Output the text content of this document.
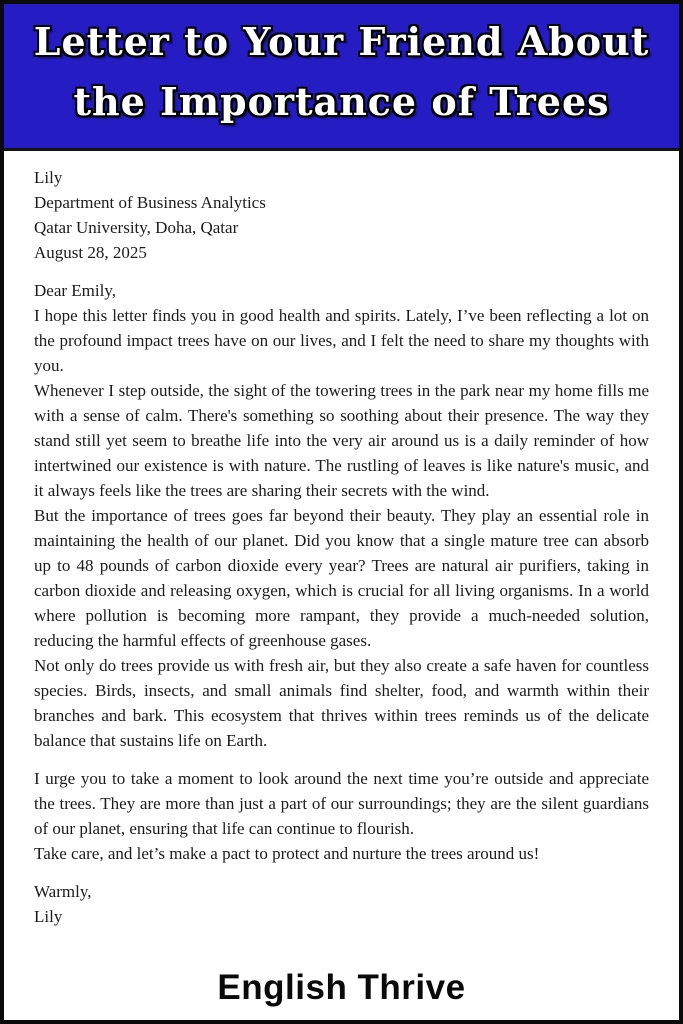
Letter to Your Friend About
the Importance of Trees

Lily

Department of Business Analytics

Qatar University, Doha, Qatar

August 28, 2025

Dear Emily,

I hope this letter finds you in good health and spirits. Lately, I’ve been reflecting a lot on the profound impact trees have on our lives, and I felt the need to share my thoughts with you.

Whenever I step outside, the sight of the towering trees in the park near my home fills me with a sense of calm. There's something so soothing about their presence. The way they stand still yet seem to breathe life into the very air around us is a daily reminder of how intertwined our existence is with nature. The rustling of leaves is like nature's music, and it always feels like the trees are sharing their secrets with the wind.

But the importance of trees goes far beyond their beauty. They play an essential role in maintaining the health of our planet. Did you know that a single mature tree can absorb up to 48 pounds of carbon dioxide every year? Trees are natural air purifiers, taking in carbon dioxide and releasing oxygen, which is crucial for all living organisms. In a world where pollution is becoming more rampant, they provide a much-needed solution, reducing the harmful effects of greenhouse gases.

Not only do trees provide us with fresh air, but they also create a safe haven for countless species. Birds, insects, and small animals find shelter, food, and warmth within their branches and bark. This ecosystem that thrives within trees reminds us of the delicate balance that sustains life on Earth.

I urge you to take a moment to look around the next time you’re outside and appreciate the trees. They are more than just a part of our surroundings; they are the silent guardians of our planet, ensuring that life can continue to flourish.

Take care, and let’s make a pact to protect and nurture the trees around us!

Warmly,

Lily

English Thrive
